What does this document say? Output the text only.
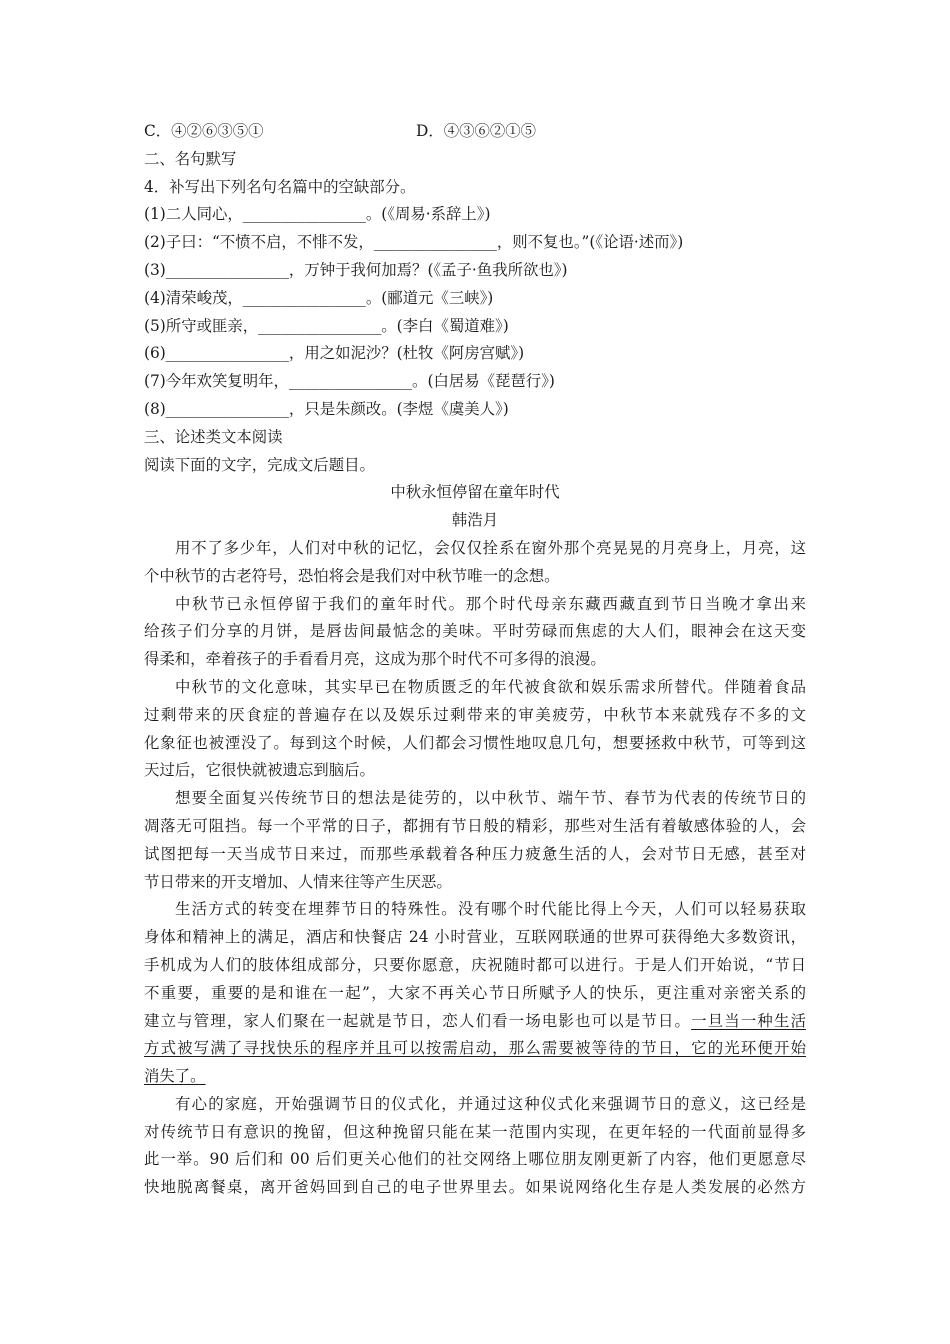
C．④②⑥③⑤①	D．④③⑥②①⑤
二、名句默写
4．补写出下列名句名篇中的空缺部分。
(1)二人同心，________________。(《周易·系辞上》)
(2)子曰：“不愤不启，不悱不发，________________，则不复也。”(《论语·述而》)
(3)________________，万钟于我何加焉？(《孟子·鱼我所欲也》)
(4)清荣峻茂，________________。(郦道元《三峡》)
(5)所守或匪亲，________________。(李白《蜀道难》)
(6)________________，用之如泥沙？(杜牧《阿房宫赋》)
(7)今年欢笑复明年，________________。(白居易《琵琶行》)
(8)________________，只是朱颜改。(李煜《虞美人》)
三、论述类文本阅读
阅读下面的文字，完成文后题目。
中秋永恒停留在童年时代
韩浩月
用不了多少年，人们对中秋的记忆，会仅仅拴系在窗外那个亮晃晃的月亮身上，月亮，这
个中秋节的古老符号，恐怕将会是我们对中秋节唯一的念想。
中秋节已永恒停留于我们的童年时代。那个时代母亲东藏西藏直到节日当晚才拿出来
给孩子们分享的月饼，是唇齿间最惦念的美味。平时劳碌而焦虑的大人们，眼神会在这天变
得柔和，牵着孩子的手看看月亮，这成为那个时代不可多得的浪漫。
中秋节的文化意味，其实早已在物质匮乏的年代被食欲和娱乐需求所替代。伴随着食品
过剩带来的厌食症的普遍存在以及娱乐过剩带来的审美疲劳，中秋节本来就残存不多的文
化象征也被湮没了。每到这个时候，人们都会习惯性地叹息几句，想要拯救中秋节，可等到这
天过后，它很快就被遗忘到脑后。
想要全面复兴传统节日的想法是徒劳的，以中秋节、端午节、春节为代表的传统节日的
凋落无可阻挡。每一个平常的日子，都拥有节日般的精彩，那些对生活有着敏感体验的人，会
试图把每一天当成节日来过，而那些承载着各种压力疲惫生活的人，会对节日无感，甚至对
节日带来的开支增加、人情来往等产生厌恶。
生活方式的转变在埋葬节日的特殊性。没有哪个时代能比得上今天，人们可以轻易获取
身体和精神上的满足，酒店和快餐店 24 小时营业，互联网联通的世界可获得绝大多数资讯，
手机成为人们的肢体组成部分，只要你愿意，庆祝随时都可以进行。于是人们开始说，“节日
不重要，重要的是和谁在一起”，大家不再关心节日所赋予人的快乐，更注重对亲密关系的
建立与管理，家人们聚在一起就是节日，恋人们看一场电影也可以是节日。一旦当一种生活
方式被写满了寻找快乐的程序并且可以按需启动，那么需要被等待的节日，它的光环便开始
消失了。
有心的家庭，开始强调节日的仪式化，并通过这种仪式化来强调节日的意义，这已经是
对传统节日有意识的挽留，但这种挽留只能在某一范围内实现，在更年轻的一代面前显得多
此一举。90 后们和 00 后们更关心他们的社交网络上哪位朋友刚更新了内容，他们更愿意尽
快地脱离餐桌，离开爸妈回到自己的电子世界里去。如果说网络化生存是人类发展的必然方
